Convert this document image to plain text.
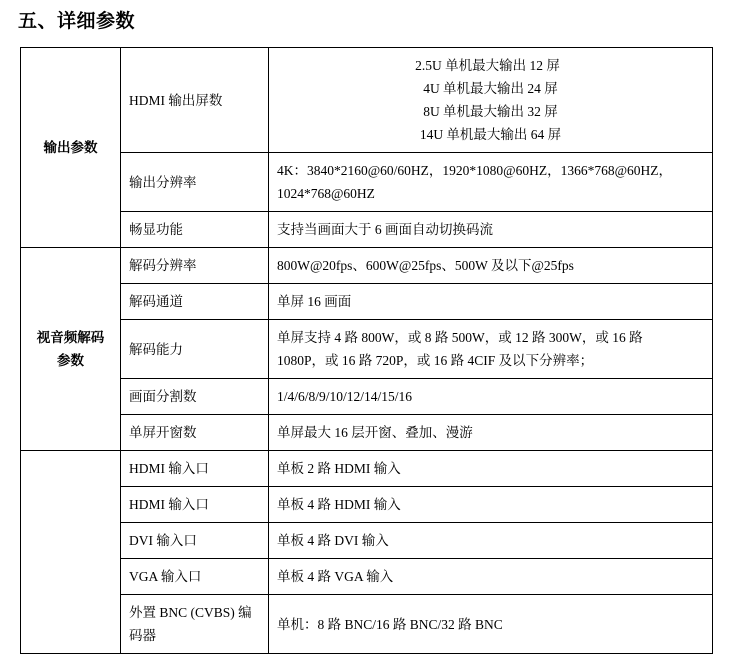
五、详细参数
输出参数	HDMI 输出屏数	2.5U 单机最大输出 12 屏
4U 单机最大输出 24 屏
8U 单机最大输出 32 屏
14U 单机最大输出 64 屏

	输出分辨率	4K：3840*2160@60/60HZ，1920*1080@60HZ，1366*768@60HZ，
1024*768@60HZ

	畅显功能	支持当画面大于 6 画面自动切换码流

视音频解码
参数	解码分辨率	800W@20fps、600W@25fps、500W 及以下@25fps

	解码通道	单屏 16 画面

	解码能力	单屏支持 4 路 800W，或 8 路 500W，或 12 路 300W，或 16 路
1080P，或 16 路 720P，或 16 路 4CIF 及以下分辨率；

	画面分割数	1/4/6/8/9/10/12/14/15/16

	单屏开窗数	单屏最大 16 层开窗、叠加、漫游

	HDMI 输入口	单板 2 路 HDMI 输入

	HDMI 输入口	单板 4 路 HDMI 输入

	DVI 输入口	单板 4 路 DVI 输入

	VGA 输入口	单板 4 路 VGA 输入

	外置 BNC (CVBS) 编码器	单机：8 路 BNC/16 路 BNC/32 路 BNC
